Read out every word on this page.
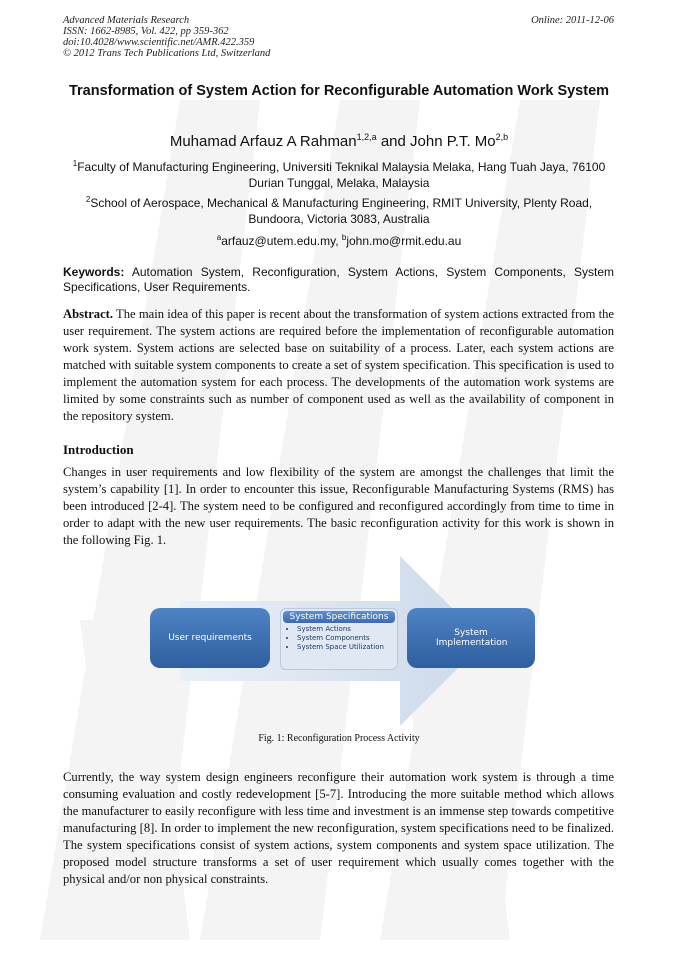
Advanced Materials Research
ISSN: 1662-8985, Vol. 422, pp 359-362
doi:10.4028/www.scientific.net/AMR.422.359
© 2012 Trans Tech Publications Ltd, Switzerland
Online: 2011-12-06
Transformation of System Action for Reconfigurable Automation Work System
Muhamad Arfauz A Rahman$^{1,2,a}$ and John P.T. Mo$^{2,b}$
$^1$Faculty of Manufacturing Engineering, Universiti Teknikal Malaysia Melaka, Hang Tuah Jaya, 76100 Durian Tunggal, Melaka, Malaysia
$^2$School of Aerospace, Mechanical & Manufacturing Engineering, RMIT University, Plenty Road, Bundoora, Victoria 3083, Australia
$^a$arfauz@utem.edu.my, $^b$john.mo@rmit.edu.au
Keywords: Automation System, Reconfiguration, System Actions, System Components, System Specifications, User Requirements.
Abstract. The main idea of this paper is recent about the transformation of system actions extracted from the user requirement. The system actions are required before the implementation of reconfigurable automation work system. System actions are selected base on suitability of a process. Later, each system actions are matched with suitable system components to create a set of system specification. This specification is used to implement the automation system for each process. The developments of the automation work systems are limited by some constraints such as number of component used as well as the availability of component in the repository system.
Introduction
Changes in user requirements and low flexibility of the system are amongst the challenges that limit the system’s capability [1]. In order to encounter this issue, Reconfigurable Manufacturing Systems (RMS) has been introduced [2-4]. The system need to be configured and reconfigured accordingly from time to time in order to adapt with the new user requirements. The basic reconfiguration activity for this work is shown in the following Fig. 1.
User requirements
System Specifications
• System Actions
• System Components
• System Space Utilization
System Implementation
Fig. 1: Reconfiguration Process Activity
Currently, the way system design engineers reconfigure their automation work system is through a time consuming evaluation and costly redevelopment [5-7]. Introducing the more suitable method which allows the manufacturer to easily reconfigure with less time and investment is an immense step towards competitive manufacturing [8]. In order to implement the new reconfiguration, system specifications need to be finalized. The system specifications consist of system actions, system components and system space utilization. The proposed model structure transforms a set of user requirement which usually comes together with the physical and/or non physical constraints.
